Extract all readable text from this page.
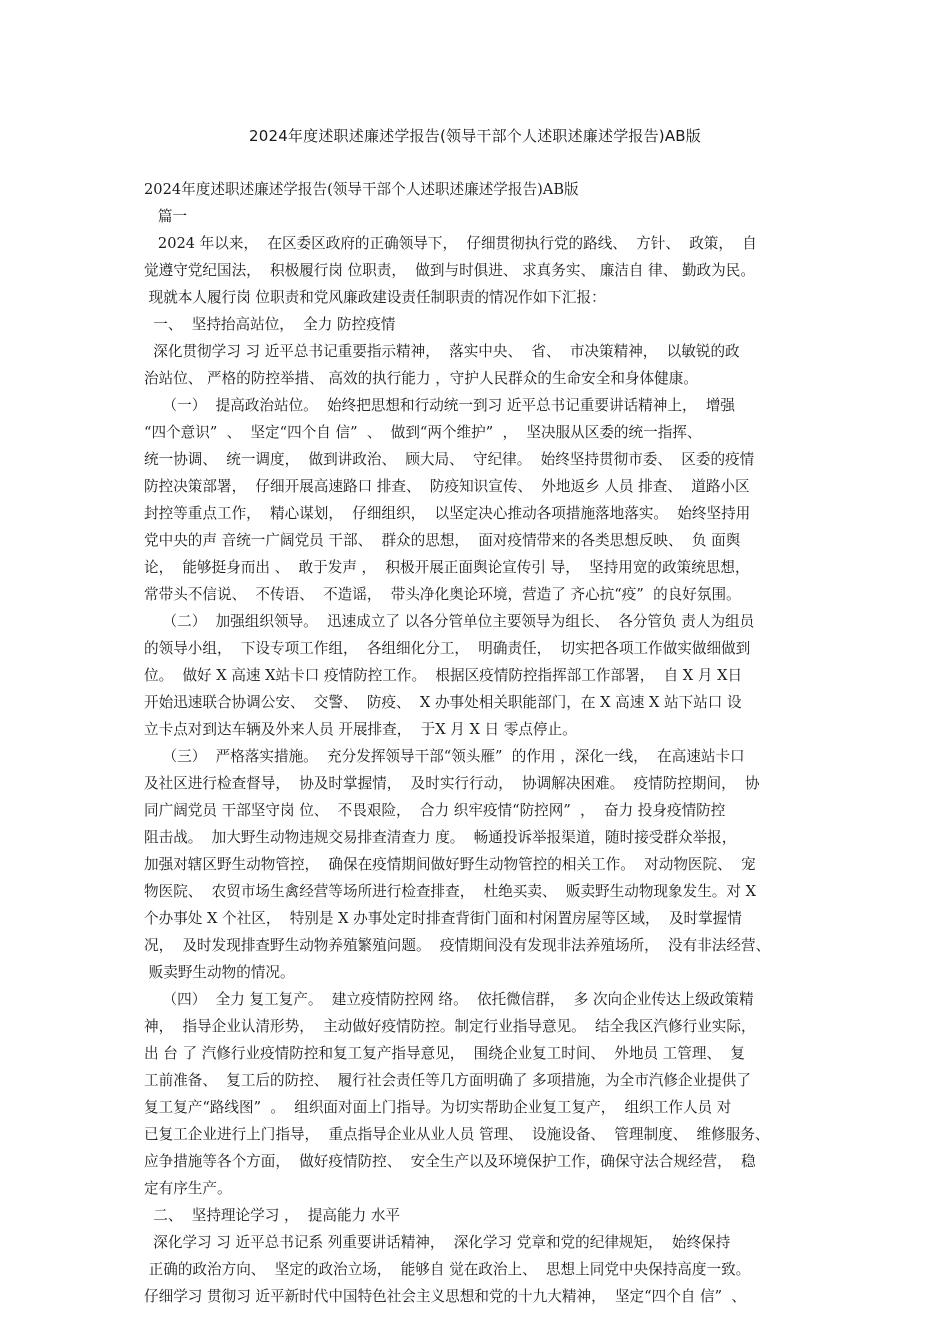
2024年度述职述廉述学报告(领导干部个人述职述廉述学报告)AB版
2024年度述职述廉述学报告(领导干部个人述职述廉述学报告)AB版
篇一
2024 年以来，  在区委区政府的正确领导下，  仔细贯彻执行党的路线、  方针、  政策，  自
觉遵守党纪国法，  积极履行岗 位职责，  做到与时俱进、 求真务实、 廉洁自 律、 勤政为民。
现就本人履行岗 位职责和党风廉政建设责任制职责的情况作如下汇报：
一、  坚持抬高站位，  全力 防控疫情
深化贯彻学习 习 近平总书记重要指示精神，  落实中央、  省、  市决策精神，  以敏锐的政
治站位、 严格的防控举措、 高效的执行能力 ，守护人民群众的生命安全和身体健康。
（一）  提高政治站位。  始终把思想和行动统一到习 近平总书记重要讲话精神上，  增强
“四个意识”  、  坚定“四个自 信”  、  做到“两个维护”  ，  坚决服从区委的统一指挥、
统一协调、  统一调度，  做到讲政治、  顾大局、  守纪律。  始终坚持贯彻市委、  区委的疫情
防控决策部署，  仔细开展高速路口 排查、  防疫知识宣传、  外地返乡 人员 排查、  道路小区
封控等重点工作，  精心谋划，  仔细组织，  以坚定决心推动各项措施落地落实。  始终坚持用
党中央的声 音统一广阔党员 干部、  群众的思想，  面对疫情带来的各类思想反映、  负 面舆
论，  能够挺身而出 、  敢于发声 ，  积极开展正面舆论宣传引 导，  坚持用宽的政策统思想，
常带头不信说、  不传语、  不造谣，  带头净化奥论环境，营造了 齐心抗“疫”  的良好氛围。
（二）  加强组织领导。  迅速成立了 以各分管单位主要领导为组长、  各分管负 责人为组员
的领导小组，  下设专项工作组，  各组细化分工，  明确责任，  切实把各项工作做实做细做到
位。  做好 X 高速 X站卡口 疫情防控工作。  根据区疫情防控指挥部工作部署，  自 X 月 X日
开始迅速联合协调公安、  交警、  防疫、  X 办事处相关职能部门，在 X 高速 X 站下站口 设
立卡点对到达车辆及外来人员 开展排查，  于X 月 X 日 零点停止。
（三）  严格落实措施。  充分发挥领导干部“领头雁”  的作用 ，深化一线，  在高速站卡口
及社区进行检查督导，  协及时掌握情，  及时实行行动，  协调解决困难。  疫情防控期间，  协
同广阔党员 干部坚守岗 位、  不畏艰险，  合力 织牢疫情“防控网”  ，  奋力 投身疫情防控
阻击战。  加大野生动物违规交易排查清查力 度。  畅通投诉举报渠道，随时接受群众举报，
加强对辖区野生动物管控，  确保在疫情期间做好野生动物管控的相关工作。  对动物医院、  宠
物医院、  农贸市场生禽经营等场所进行检查排查，  杜绝买卖、  贩卖野生动物现象发生。对 X
个办事处 X 个社区，  特别是 X 办事处定时排查背街门面和村闲置房屋等区域，  及时掌握情
况，  及时发现排查野生动物养殖繁殖问题。  疫情期间没有发现非法养殖场所，  没有非法经营、
贩卖野生动物的情况。
（四）  全力 复工复产。  建立疫情防控网 络。  依托微信群，  多 次向企业传达上级政策精
神，  指导企业认清形势，  主动做好疫情防控。制定行业指导意见。  结全我区汽修行业实际，
出 台 了 汽修行业疫情防控和复工复产指导意见，  围绕企业复工时间、  外地员 工管理、  复
工前准备、  复工后的防控、  履行社会责任等几方面明确了 多项措施，为全市汽修企业提供了
复工复产“路线图”  。  组织面对面上门指导。为切实帮助企业复工复产，  组织工作人员 对
已复工企业进行上门指导，  重点指导企业从业人员 管理、  设施设备、  管理制度、  维修服务、
应争措施等各个方面，  做好疫情防控、  安全生产以及环境保护工作，确保守法合规经营，  稳
定有序生产。
二、  坚持理论学习 ，  提高能力 水平
深化学习 习 近平总书记系 列重要讲话精神，  深化学习 党章和党的纪律规矩，  始终保持
正确的政治方向、  坚定的政治立场，  能够自 觉在政治上、  思想上同党中央保持高度一致。
仔细学习 贯彻习 近平新时代中国特色社会主义思想和党的十九大精神，  坚定“四个自 信”  、
